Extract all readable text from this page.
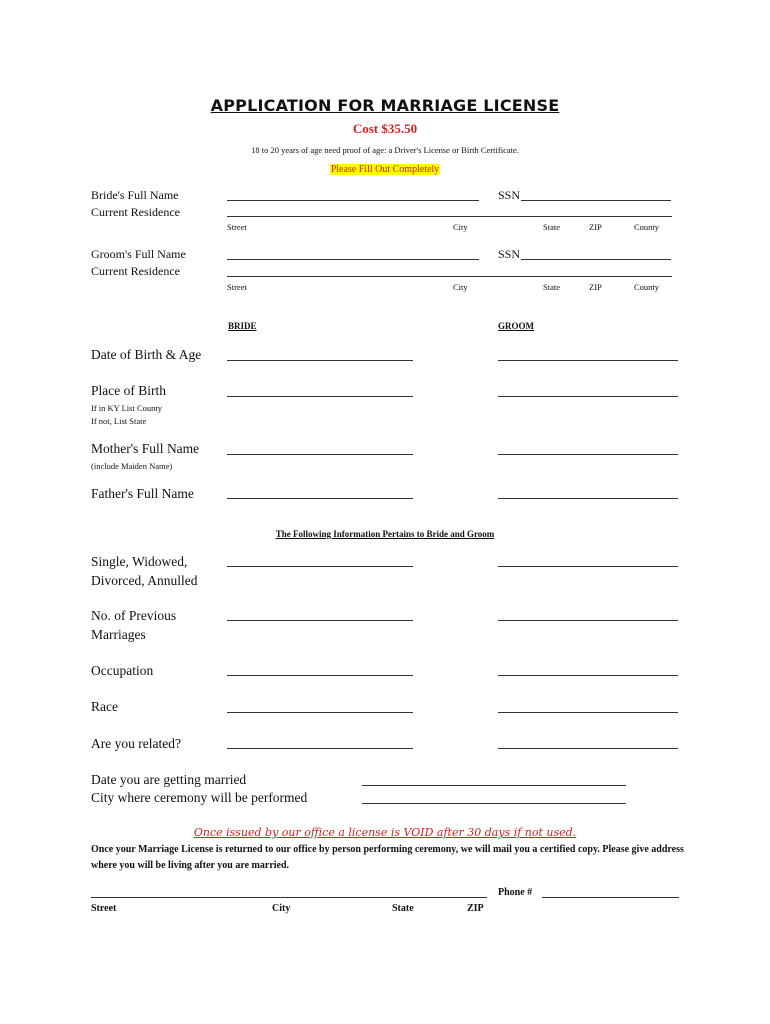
APPLICATION FOR MARRIAGE LICENSE
Cost $35.50
18 to 20 years of age need proof of age: a Driver's License or Birth Certificate.
Please Fill Out Completely
Bride's Full Name
Current Residence
SSN
Street	City	State	ZIP	County
Groom's Full Name
Current Residence
SSN
Street	City	State	ZIP	County
BRIDE	GROOM
Date of Birth & Age
Place of Birth
If in KY List County
If not, List State
Mother's Full Name
(include Maiden Name)
Father's Full Name
The Following Information Pertains to Bride and Groom
Single, Widowed,
Divorced, Annulled
No. of Previous
Marriages
Occupation
Race
Are you related?
Date you are getting married
City where ceremony will be performed
Once issued by our office a license is VOID after 30 days if not used.
Once your Marriage License is returned to our office by person performing ceremony, we will mail you a certified copy. Please give address where you will be living after you are married.
Phone #
Street	City	State	ZIP
